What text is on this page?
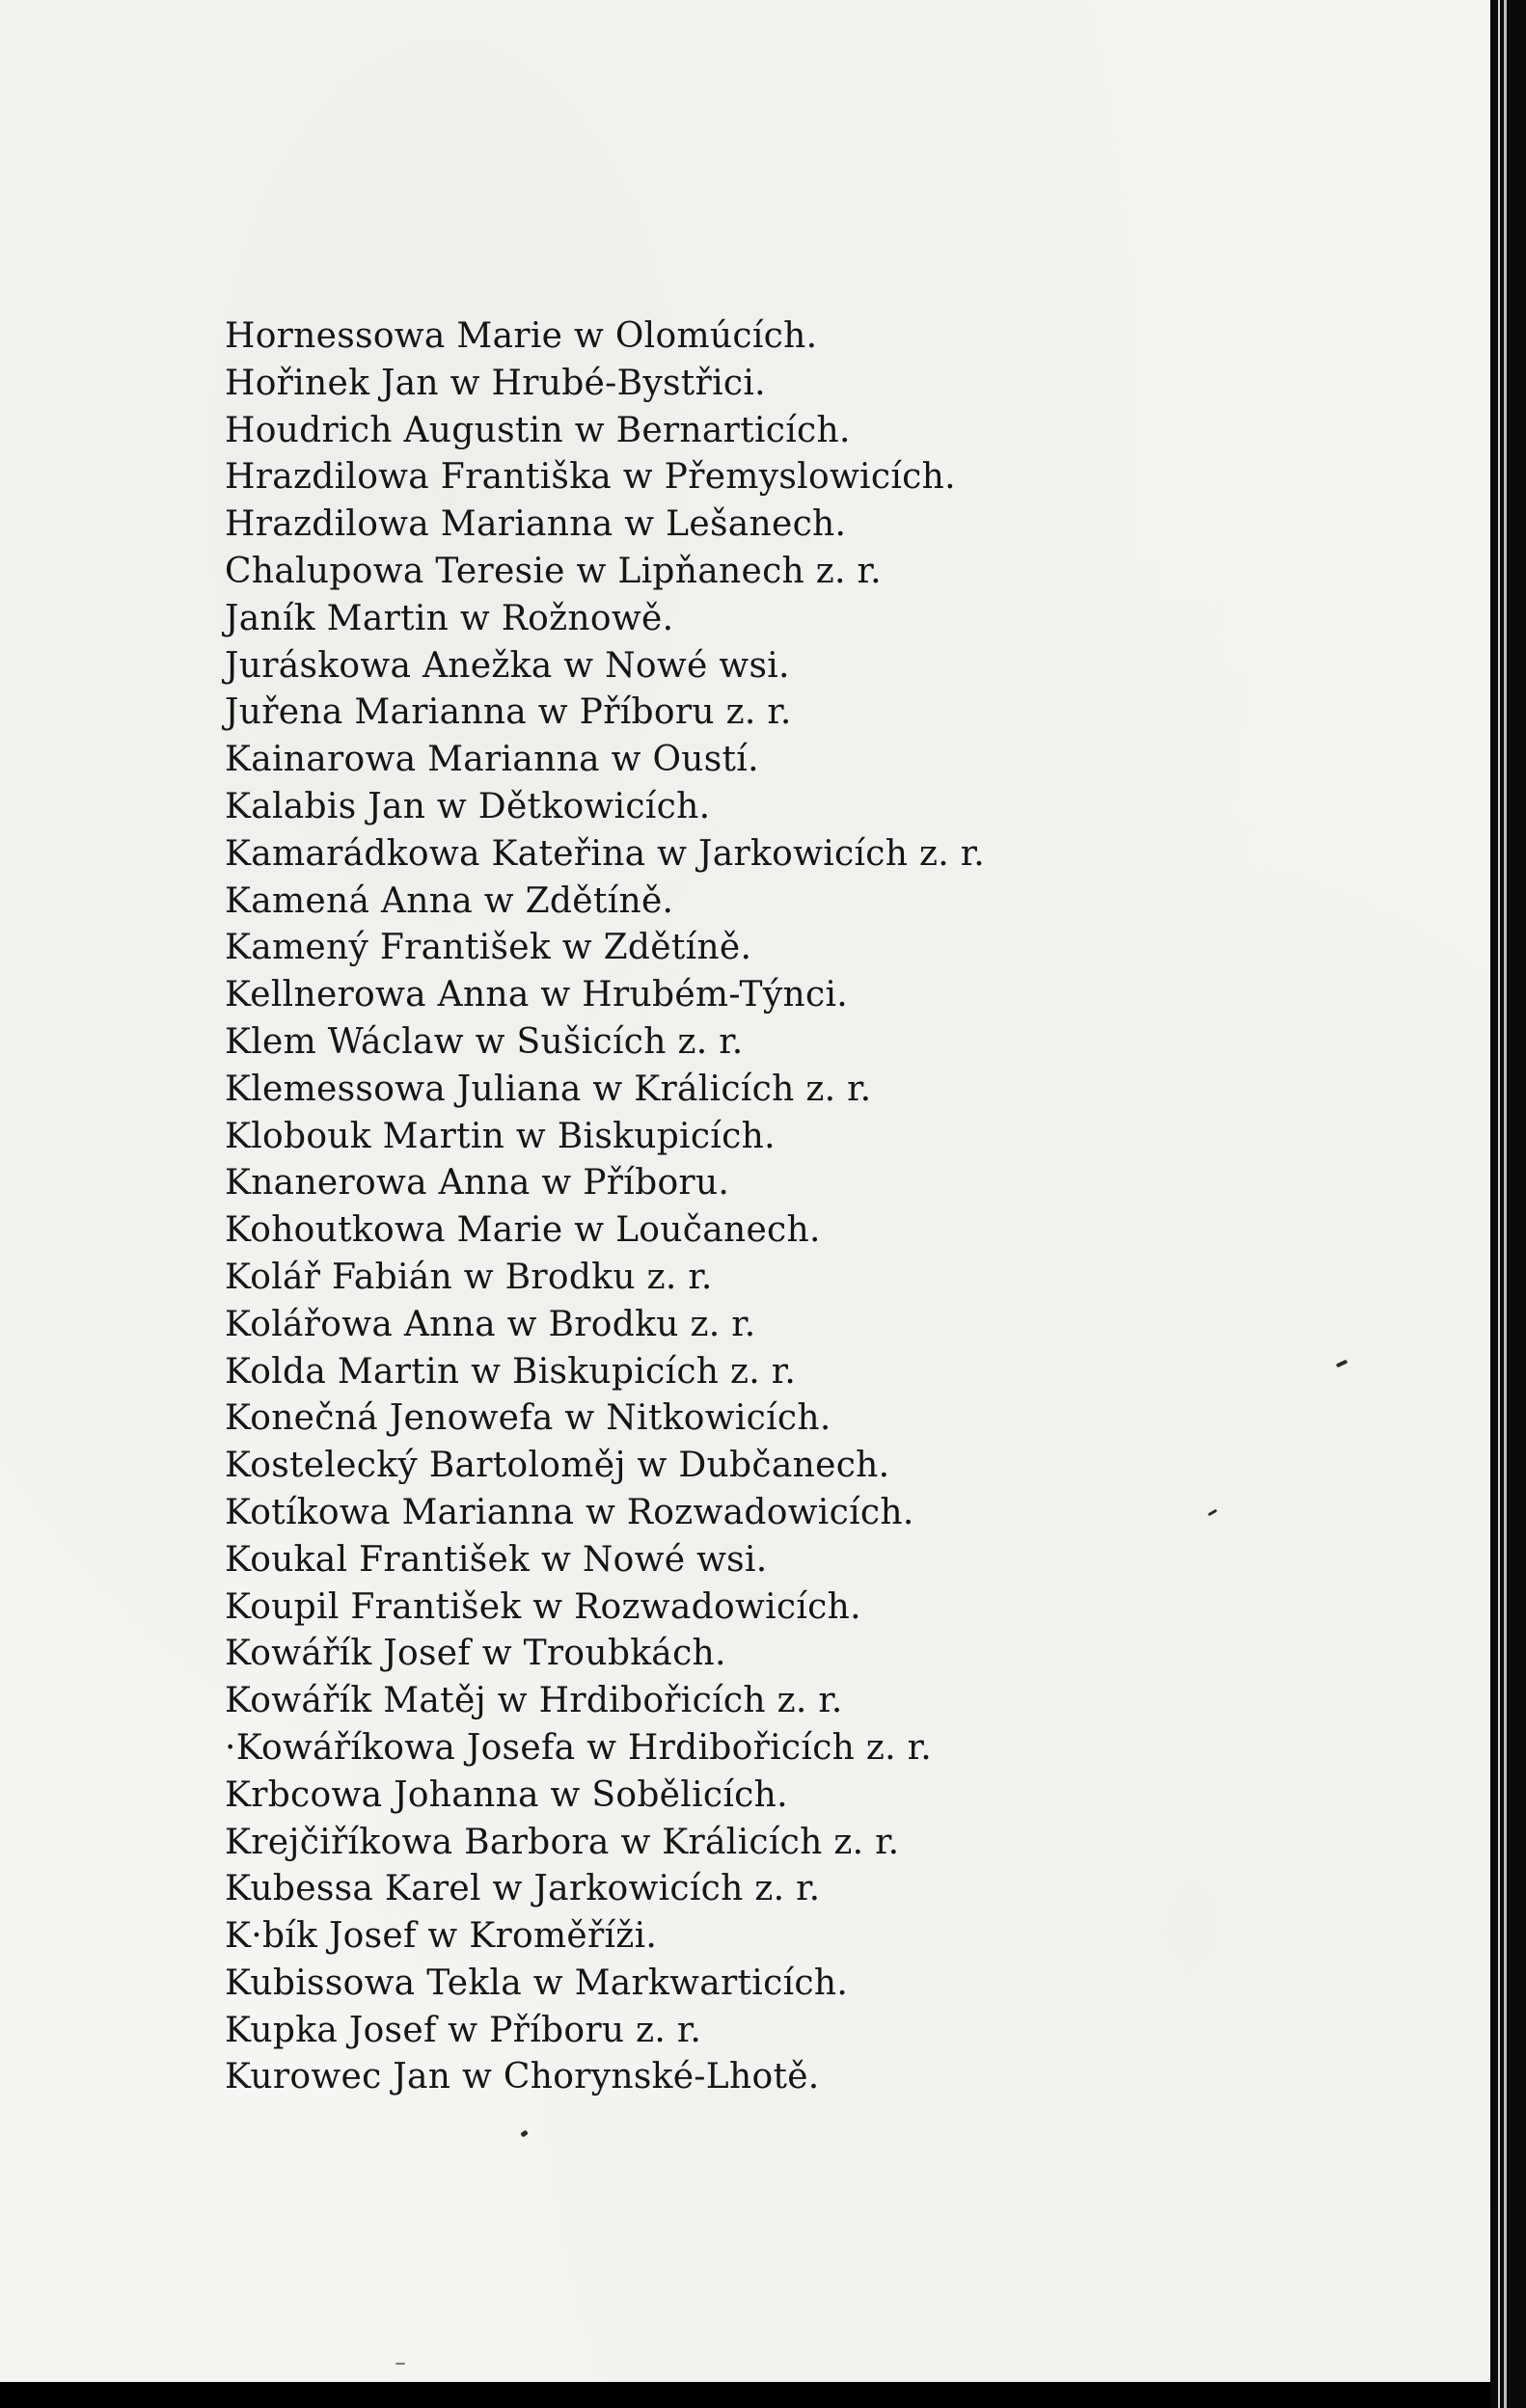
Hornessowa Marie w Olomúcích.
Hořinek Jan w Hrubé-Bystřici.
Houdrich Augustin w Bernarticích.
Hrazdilowa Františka w Přemyslowicích.
Hrazdilowa Marianna w Lešanech.
Chalupowa Teresie w Lipňanech z. r.
Janík Martin w Rožnowě.
Juráskowa Anežka w Nowé wsi.
Juřena Marianna w Příboru z. r.
Kainarowa Marianna w Oustí.
Kalabis Jan w Dětkowicích.
Kamarádkowa Kateřina w Jarkowicích z. r.
Kamená Anna w Zdětíně.
Kamený František w Zdětíně.
Kellnerowa Anna w Hrubém-Týnci.
Klem Wáclaw w Sušicích z. r.
Klemessowa Juliana w Králicích z. r.
Klobouk Martin w Biskupicích.
Knanerowa Anna w Příboru.
Kohoutkowa Marie w Loučanech.
Kolář Fabián w Brodku z. r.
Kolářowa Anna w Brodku z. r.
Kolda Martin w Biskupicích z. r.
Konečná Jenowefa w Nitkowicích.
Kostelecký Bartoloměj w Dubčanech.
Kotíkowa Marianna w Rozwadowicích.
Koukal František w Nowé wsi.
Koupil František w Rozwadowicích.
Kowářík Josef w Troubkách.
Kowářík Matěj w Hrdibořicích z. r.
·Kowáříkowa Josefa w Hrdibořicích z. r.
Krbcowa Johanna w Sobělicích.
Krejčiříkowa Barbora w Králicích z. r.
Kubessa Karel w Jarkowicích z. r.
K·bík Josef w Kroměříži.
Kubissowa Tekla w Markwarticích.
Kupka Josef w Příboru z. r.
Kurowec Jan w Chorynské-Lhotě.
